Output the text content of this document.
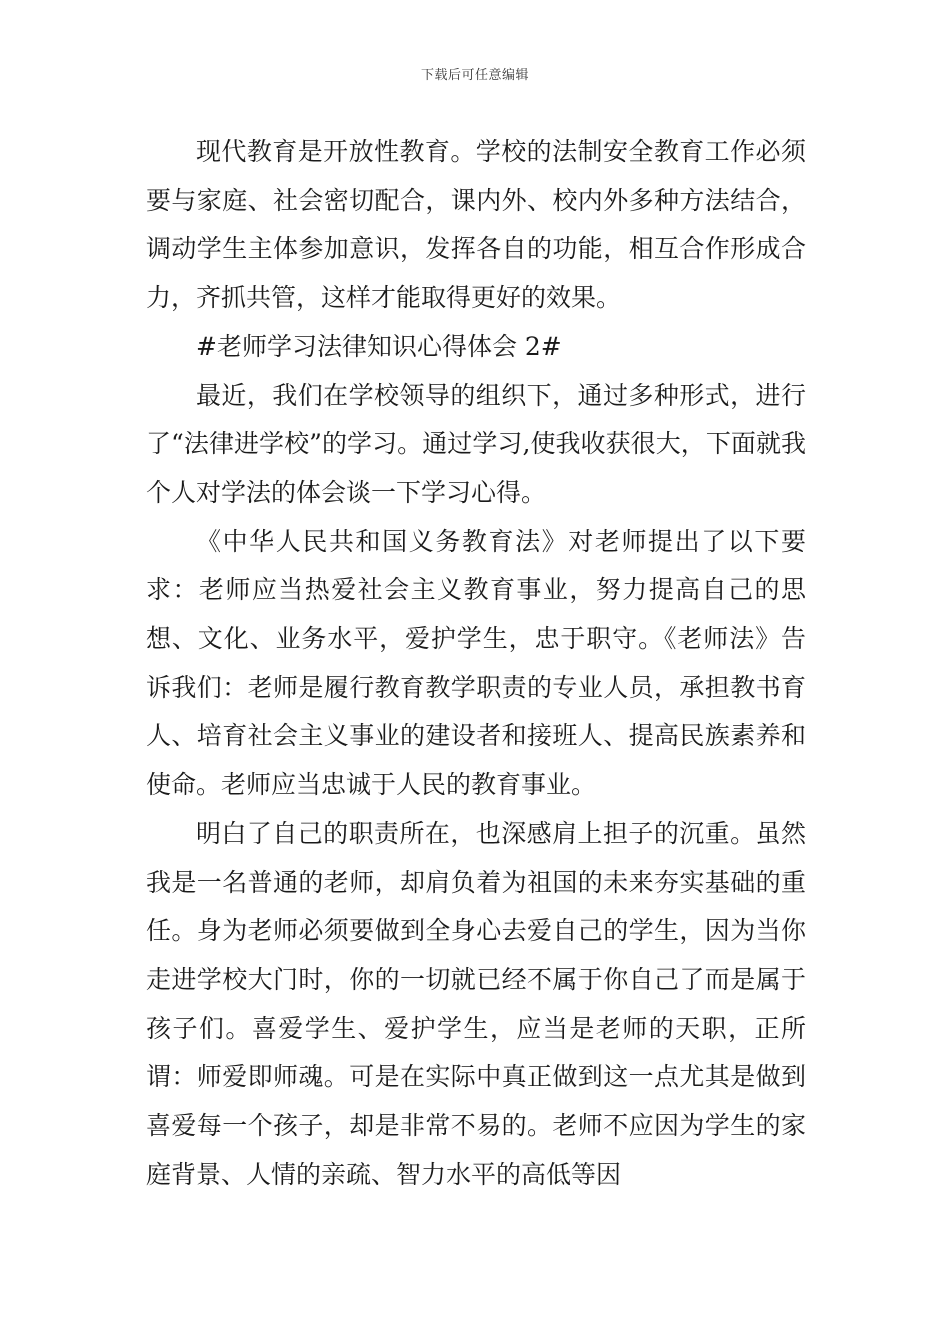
下载后可任意编辑

现代教育是开放性教育。学校的法制安全教育工作必须要与家庭、社会密切配合，课内外、校内外多种方法结合，调动学生主体参加意识，发挥各自的功能，相互合作形成合力，齐抓共管，这样才能取得更好的效果。

#老师学习法律知识心得体会 2#

最近，我们在学校领导的组织下，通过多种形式，进行了“法律进学校”的学习。通过学习,使我收获很大，下面就我个人对学法的体会谈一下学习心得。

《中华人民共和国义务教育法》对老师提出了以下要求：老师应当热爱社会主义教育事业，努力提高自己的思想、文化、业务水平，爱护学生，忠于职守。《老师法》告诉我们：老师是履行教育教学职责的专业人员，承担教书育人、培育社会主义事业的建设者和接班人、提高民族素养和使命。老师应当忠诚于人民的教育事业。

明白了自己的职责所在，也深感肩上担子的沉重。虽然我是一名普通的老师，却肩负着为祖国的未来夯实基础的重任。身为老师必须要做到全身心去爱自己的学生，因为当你走进学校大门时，你的一切就已经不属于你自己了而是属于孩子们。喜爱学生、爱护学生，应当是老师的天职，正所谓：师爱即师魂。可是在实际中真正做到这一点尤其是做到喜爱每一个孩子，却是非常不易的。老师不应因为学生的家庭背景、人情的亲疏、智力水平的高低等因
